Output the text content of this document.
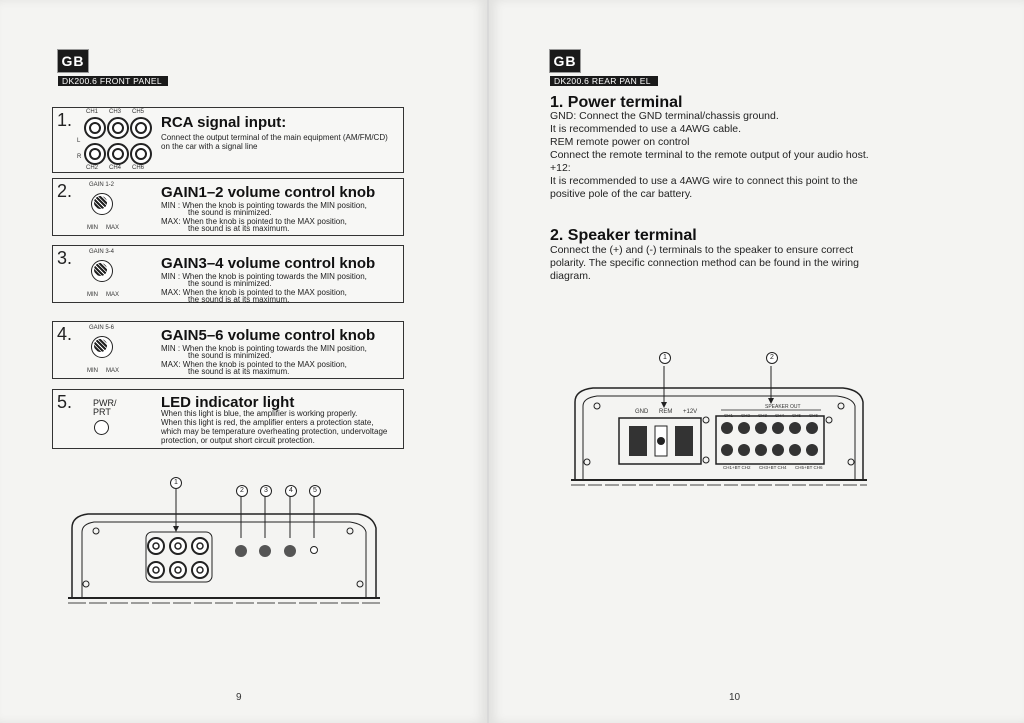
GB
DK200.6 FRONT PANEL
1.
L
R
CH1 CH3 CH5
CH2 CH4 CH6
RCA signal input:
Connect the output terminal of the main equipment (AM/FM/CD) on the car with a signal line
2.	GAIN 1-2
MIN MAX
GAIN1–2 volume control knob
MIN : When the knob is pointing towards the MIN position,
the sound is minimized.
MAX: When the knob is pointed to the MAX position,
the sound is at its maximum.
3.	GAIN 3-4
MIN MAX
GAIN3–4 volume control knob
MIN : When the knob is pointing towards the MIN position,
the sound is minimized.
MAX: When the knob is pointed to the MAX position,
the sound is at its maximum.
4.	GAIN 5-6
MIN MAX
GAIN5–6 volume control knob
MIN : When the knob is pointing towards the MIN position,
the sound is minimized.
MAX: When the knob is pointed to the MAX position,
the sound is at its maximum.
5. PWR/
PRT
LED indicator light
When this light is blue, the amplifier is working properly.
When this light is red, the amplifier enters a protection state,
which may be temperature overheating protection, undervoltage
protection, or output short circuit protection.
1
2	3	4	5
9
GB
DK200.6 REAR PAN EL
1. Power terminal
GND: Connect the GND terminal/chassis ground.
It is recommended to use a 4AWG cable.
REM remote power on control
Connect the remote terminal to the remote output of your audio host.
+12:
It is recommended to use a 4AWG wire to connect this point to the
positive pole of the car battery.
2. Speaker terminal
Connect the (+) and (-) terminals to the speaker to ensure correct
polarity. The specific connection method can be found in the wiring
diagram.
1	2
GND REM +12V
SPEAKER OUT
CH1 CH2 CH3 CH4 CH5 CH6
CH1+BT CH2 CH3+BT CH4 CH5+BT CH6
10
